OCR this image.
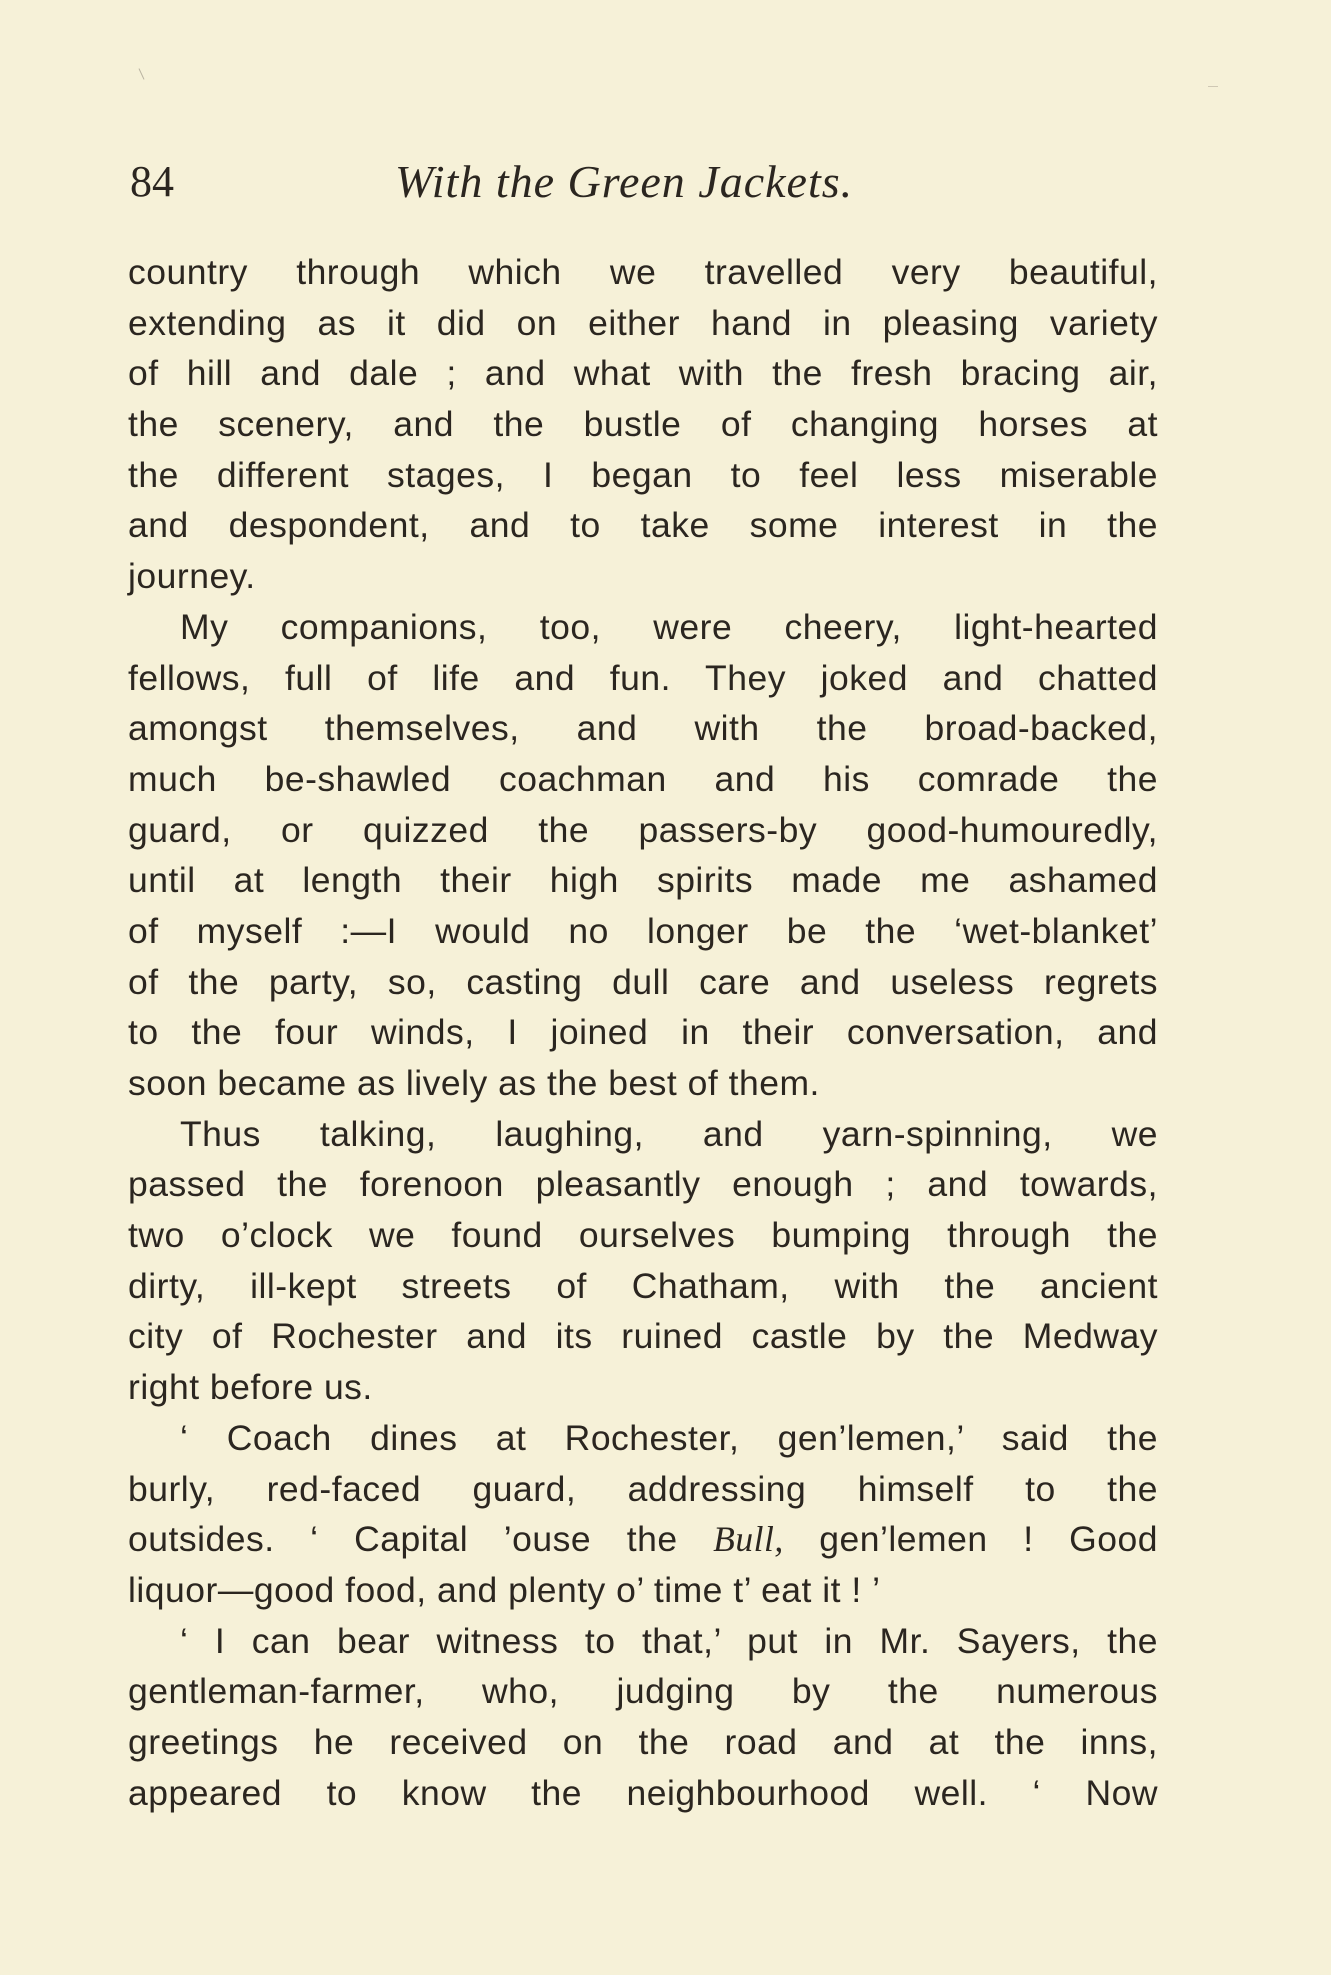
84	With the Green Jackets.
country through which we travelled very beautiful,
extending as it did on either hand in pleasing variety
of hill and dale ; and what with the fresh bracing air,
the scenery, and the bustle of changing horses at
the different stages, I began to feel less miserable
and despondent, and to take some interest in the
journey.
My companions, too, were cheery, light-hearted
fellows, full of life and fun. They joked and chatted
amongst themselves, and with the broad-backed,
much be-shawled coachman and his comrade the
guard, or quizzed the passers-by good-humouredly,
until at length their high spirits made me ashamed
of myself :—I would no longer be the ‘wet-blanket’
of the party, so, casting dull care and useless regrets
to the four winds, I joined in their conversation, and
soon became as lively as the best of them.
Thus talking, laughing, and yarn-spinning, we
passed the forenoon pleasantly enough ; and towards,
two o’clock we found ourselves bumping through the
dirty, ill-kept streets of Chatham, with the ancient
city of Rochester and its ruined castle by the Medway
right before us.
‘ Coach dines at Rochester, gen’lemen,’ said the
burly, red-faced guard, addressing himself to the
outsides. ‘ Capital ’ouse the Bull, gen’lemen ! Good
liquor—good food, and plenty o’ time t’ eat it ! ’
‘ I can bear witness to that,’ put in Mr. Sayers, the
gentleman-farmer, who, judging by the numerous
greetings he received on the road and at the inns,
appeared to know the neighbourhood well. ‘ Now
